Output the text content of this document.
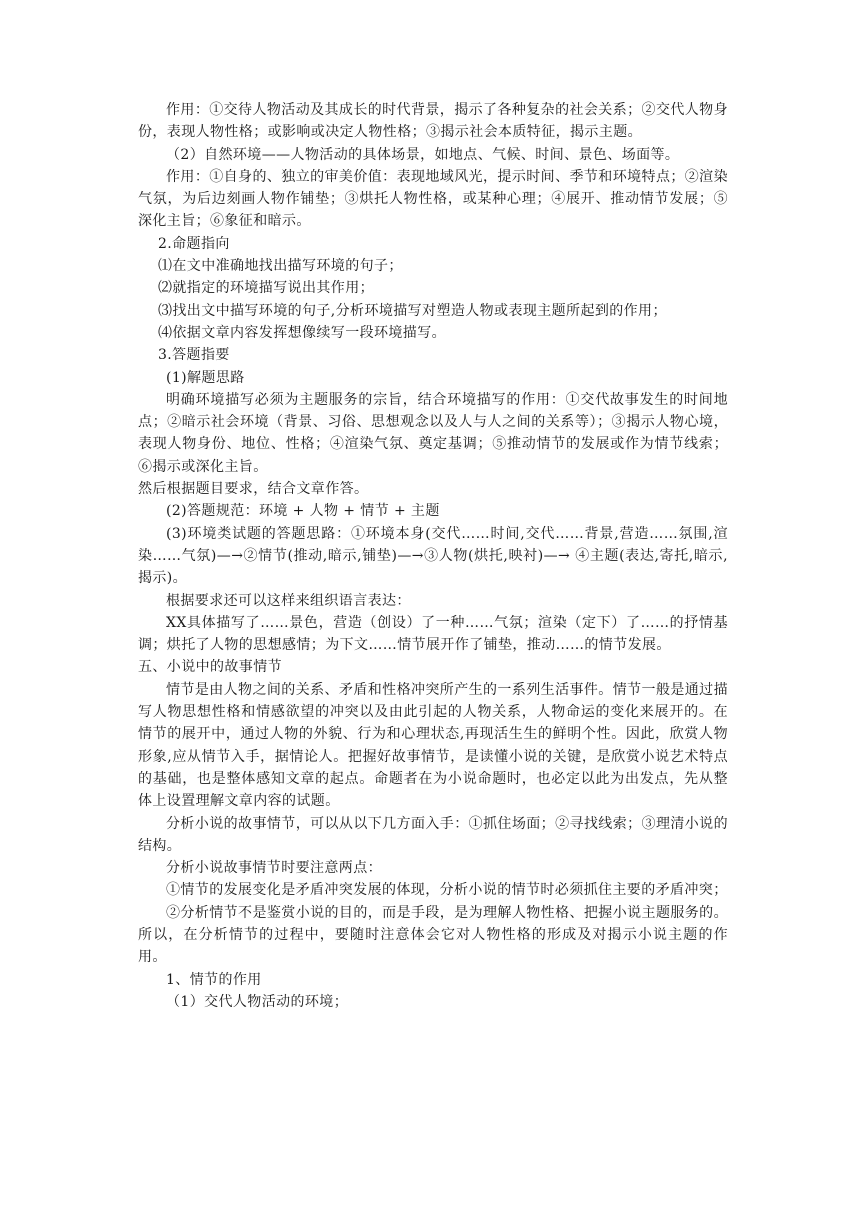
作用：①交待人物活动及其成长的时代背景，揭示了各种复杂的社会关系；②交代人物身份，表现人物性格；或影响或决定人物性格；③揭示社会本质特征，揭示主题。

（2）自然环境——人物活动的具体场景，如地点、气候、时间、景色、场面等。

作用：①自身的、独立的审美价值：表现地域风光，提示时间、季节和环境特点；②渲染气氛，为后边刻画人物作铺垫；③烘托人物性格，或某种心理；④展开、推动情节发展；⑤深化主旨；⑥象征和暗示。

2.命题指向

⑴在文中准确地找出描写环境的句子；

⑵就指定的环境描写说出其作用；

⑶找出文中描写环境的句子,分析环境描写对塑造人物或表现主题所起到的作用；

⑷依据文章内容发挥想像续写一段环境描写。

3.答题指要

(1)解题思路

明确环境描写必须为主题服务的宗旨，结合环境描写的作用：①交代故事发生的时间地点；②暗示社会环境（背景、习俗、思想观念以及人与人之间的关系等）；③揭示人物心境，表现人物身份、地位、性格；④渲染气氛、奠定基调；⑤推动情节的发展或作为情节线索；⑥揭示或深化主旨。

然后根据题目要求，结合文章作答。

(2)答题规范：环境 + 人物 + 情节 + 主题

(3)环境类试题的答题思路：①环境本身(交代……时间,交代……背景,营造……氛围,渲染……气氛)—→②情节(推动,暗示,铺垫)—→③人物(烘托,映衬)—→ ④主题(表达,寄托,暗示,揭示)。

根据要求还可以这样来组织语言表达：

XX具体描写了……景色，营造（创设）了一种……气氛；渲染（定下）了……的抒情基调；烘托了人物的思想感情；为下文……情节展开作了铺垫，推动……的情节发展。

五、小说中的故事情节

情节是由人物之间的关系、矛盾和性格冲突所产生的一系列生活事件。情节一般是通过描写人物思想性格和情感欲望的冲突以及由此引起的人物关系，人物命运的变化来展开的。在情节的展开中，通过人物的外貌、行为和心理状态,再现活生生的鲜明个性。因此，欣赏人物形象,应从情节入手，据情论人。把握好故事情节，是读懂小说的关键，是欣赏小说艺术特点的基础，也是整体感知文章的起点。命题者在为小说命题时，也必定以此为出发点，先从整体上设置理解文章内容的试题。

分析小说的故事情节，可以从以下几方面入手：①抓住场面；②寻找线索；③理清小说的结构。

分析小说故事情节时要注意两点：

①情节的发展变化是矛盾冲突发展的体现，分析小说的情节时必须抓住主要的矛盾冲突；

②分析情节不是鉴赏小说的目的，而是手段，是为理解人物性格、把握小说主题服务的。所以，在分析情节的过程中，要随时注意体会它对人物性格的形成及对揭示小说主题的作用。

1、情节的作用

（1）交代人物活动的环境；
